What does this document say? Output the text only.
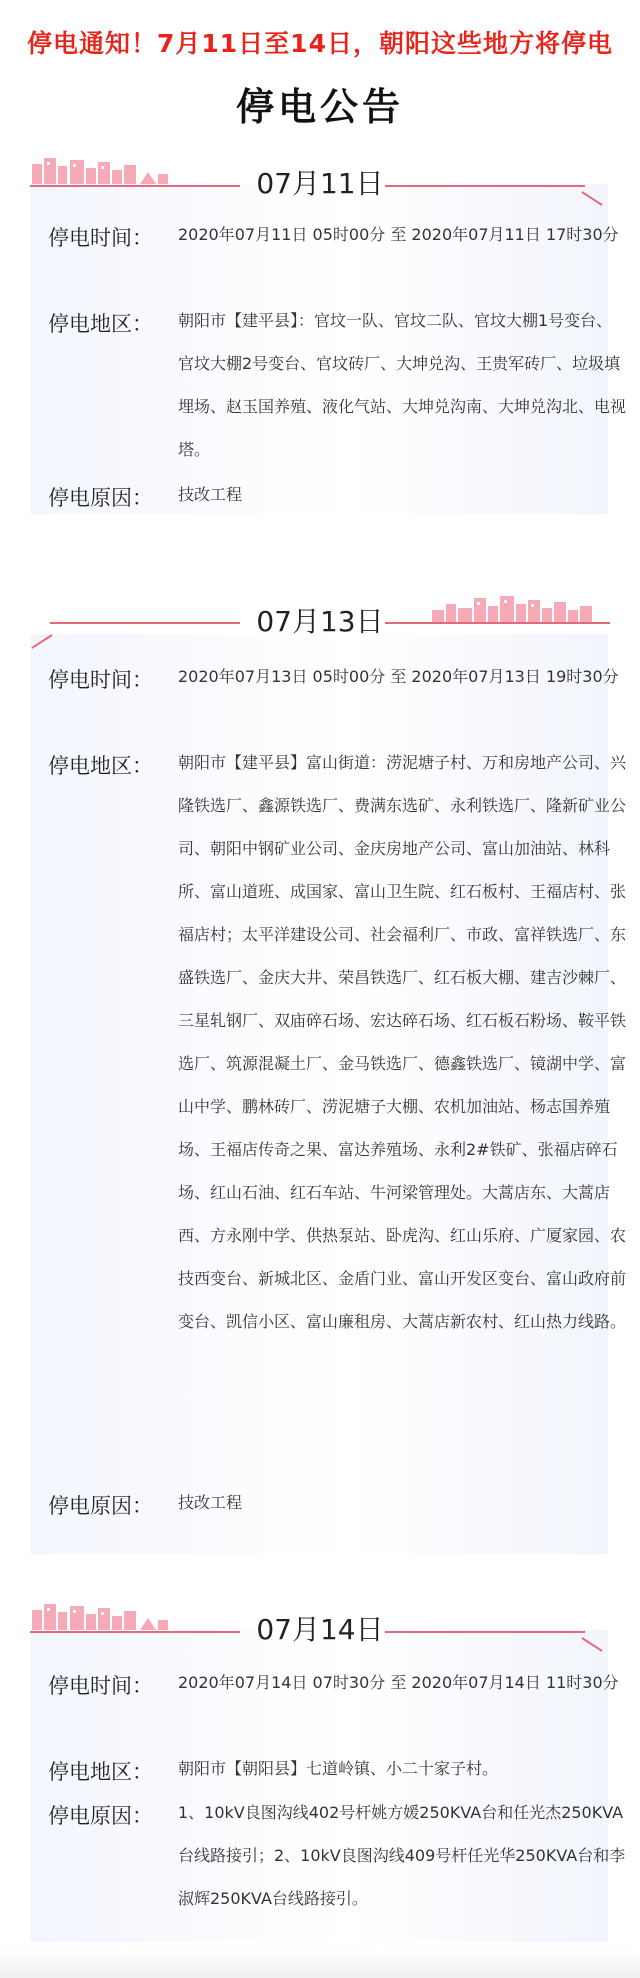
停电通知！7月11日至14日，朝阳这些地方将停电
停电公告
07月11日
停电时间：	2020年07月11日 05时00分 至 2020年07月11日 17时30分
停电地区：	朝阳市【建平县】：官坟一队、官坟二队、官坟大棚1号变台、官坟大棚2号变台、官坟砖厂、大坤兑沟、王贵军砖厂、垃圾填埋场、赵玉国养殖、液化气站、大坤兑沟南、大坤兑沟北、电视塔。
停电原因：	技改工程
07月13日
停电时间：	2020年07月13日 05时00分 至 2020年07月13日 19时30分
停电地区：	朝阳市【建平县】富山街道：涝泥塘子村、万和房地产公司、兴隆铁选厂、鑫源铁选厂、费满东选矿、永利铁选厂、隆新矿业公司、朝阳中钢矿业公司、金庆房地产公司、富山加油站、林科所、富山道班、成国家、富山卫生院、红石板村、王福店村、张福店村；太平洋建设公司、社会福利厂、市政、富祥铁选厂、东盛铁选厂、金庆大井、荣昌铁选厂、红石板大棚、建吉沙棘厂、三星轧钢厂、双庙碎石场、宏达碎石场、红石板石粉场、鞍平铁选厂、筑源混凝土厂、金马铁选厂、德鑫铁选厂、镜湖中学、富山中学、鹏林砖厂、涝泥塘子大棚、农机加油站、杨志国养殖场、王福店传奇之果、富达养殖场、永利2#铁矿、张福店碎石场、红山石油、红石车站、牛河梁管理处。大蒿店东、大蒿店西、方永刚中学、供热泵站、卧虎沟、红山乐府、广厦家园、农技西变台、新城北区、金盾门业、富山开发区变台、富山政府前变台、凯信小区、富山廉租房、大蒿店新农村、红山热力线路。
停电原因：	技改工程
07月14日
停电时间：	2020年07月14日 07时30分 至 2020年07月14日 11时30分
停电地区：	朝阳市【朝阳县】七道岭镇、小二十家子村。
停电原因：	1、10kV良图沟线402号杆姚方媛250KVA台和任光杰250KVA台线路接引；2、10kV良图沟线409号杆任光华250KVA台和李淑辉250KVA台线路接引。
